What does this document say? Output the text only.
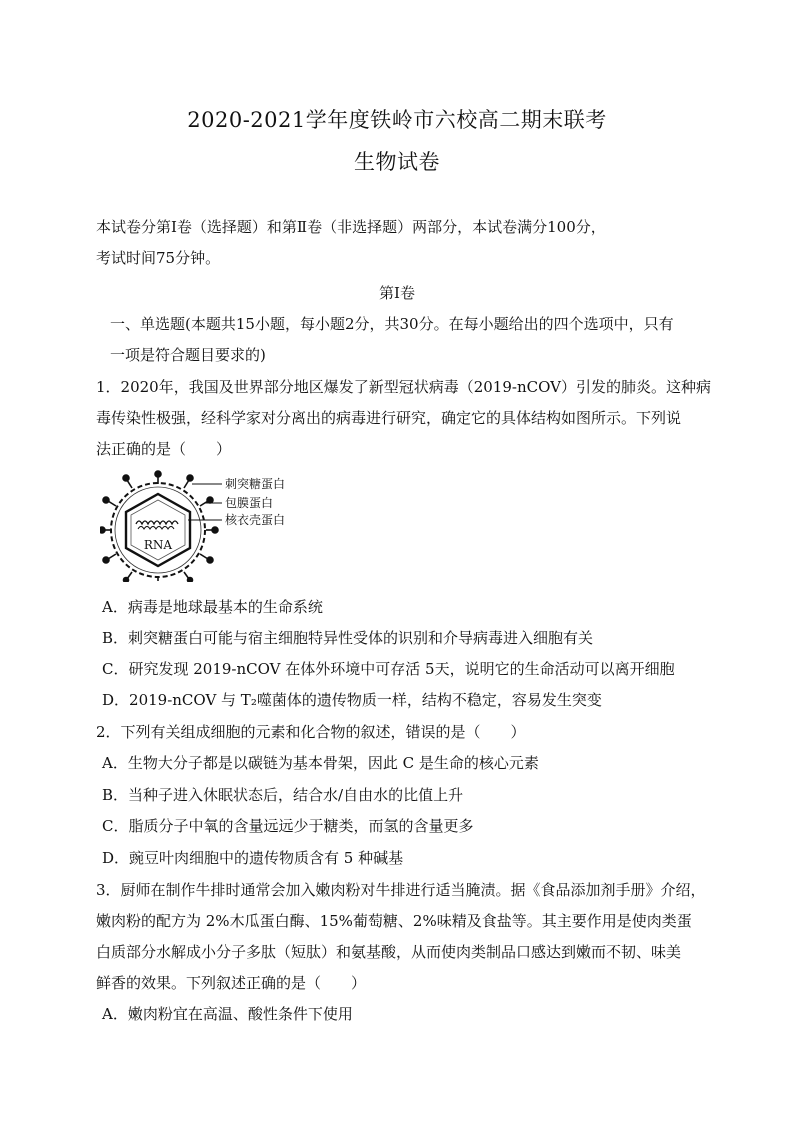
2020-2021学年度铁岭市六校高二期末联考
生物试卷
本试卷分第Ⅰ卷（选择题）和第Ⅱ卷（非选择题）两部分，本试卷满分100分，
考试时间75分钟。
第Ⅰ卷
一、单选题(本题共15小题，每小题2分，共30分。在每小题给出的四个选项中，只有
一项是符合题目要求的)
1．2020年，我国及世界部分地区爆发了新型冠状病毒（2019-nCOV）引发的肺炎。这种病
毒传染性极强，经科学家对分离出的病毒进行研究，确定它的具体结构如图所示。下列说
法正确的是（　　）
RNA
刺突糖蛋白
包膜蛋白
核衣壳蛋白
A．病毒是地球最基本的生命系统
B．刺突糖蛋白可能与宿主细胞特异性受体的识别和介导病毒进入细胞有关
C．研究发现 2019-nCOV 在体外环境中可存活 5天，说明它的生命活动可以离开细胞
D．2019-nCOV 与 T₂噬菌体的遗传物质一样，结构不稳定，容易发生突变
2．下列有关组成细胞的元素和化合物的叙述，错误的是（　　）
A．生物大分子都是以碳链为基本骨架，因此 C 是生命的核心元素
B．当种子进入休眠状态后，结合水/自由水的比值上升
C．脂质分子中氧的含量远远少于糖类，而氢的含量更多
D．豌豆叶肉细胞中的遗传物质含有 5 种碱基
3．厨师在制作牛排时通常会加入嫩肉粉对牛排进行适当腌渍。据《食品添加剂手册》介绍，
嫩肉粉的配方为 2%木瓜蛋白酶、15%葡萄糖、2%味精及食盐等。其主要作用是使肉类蛋
白质部分水解成小分子多肽（短肽）和氨基酸，从而使肉类制品口感达到嫩而不韧、味美
鲜香的效果。下列叙述正确的是（　　）
A．嫩肉粉宜在高温、酸性条件下使用
